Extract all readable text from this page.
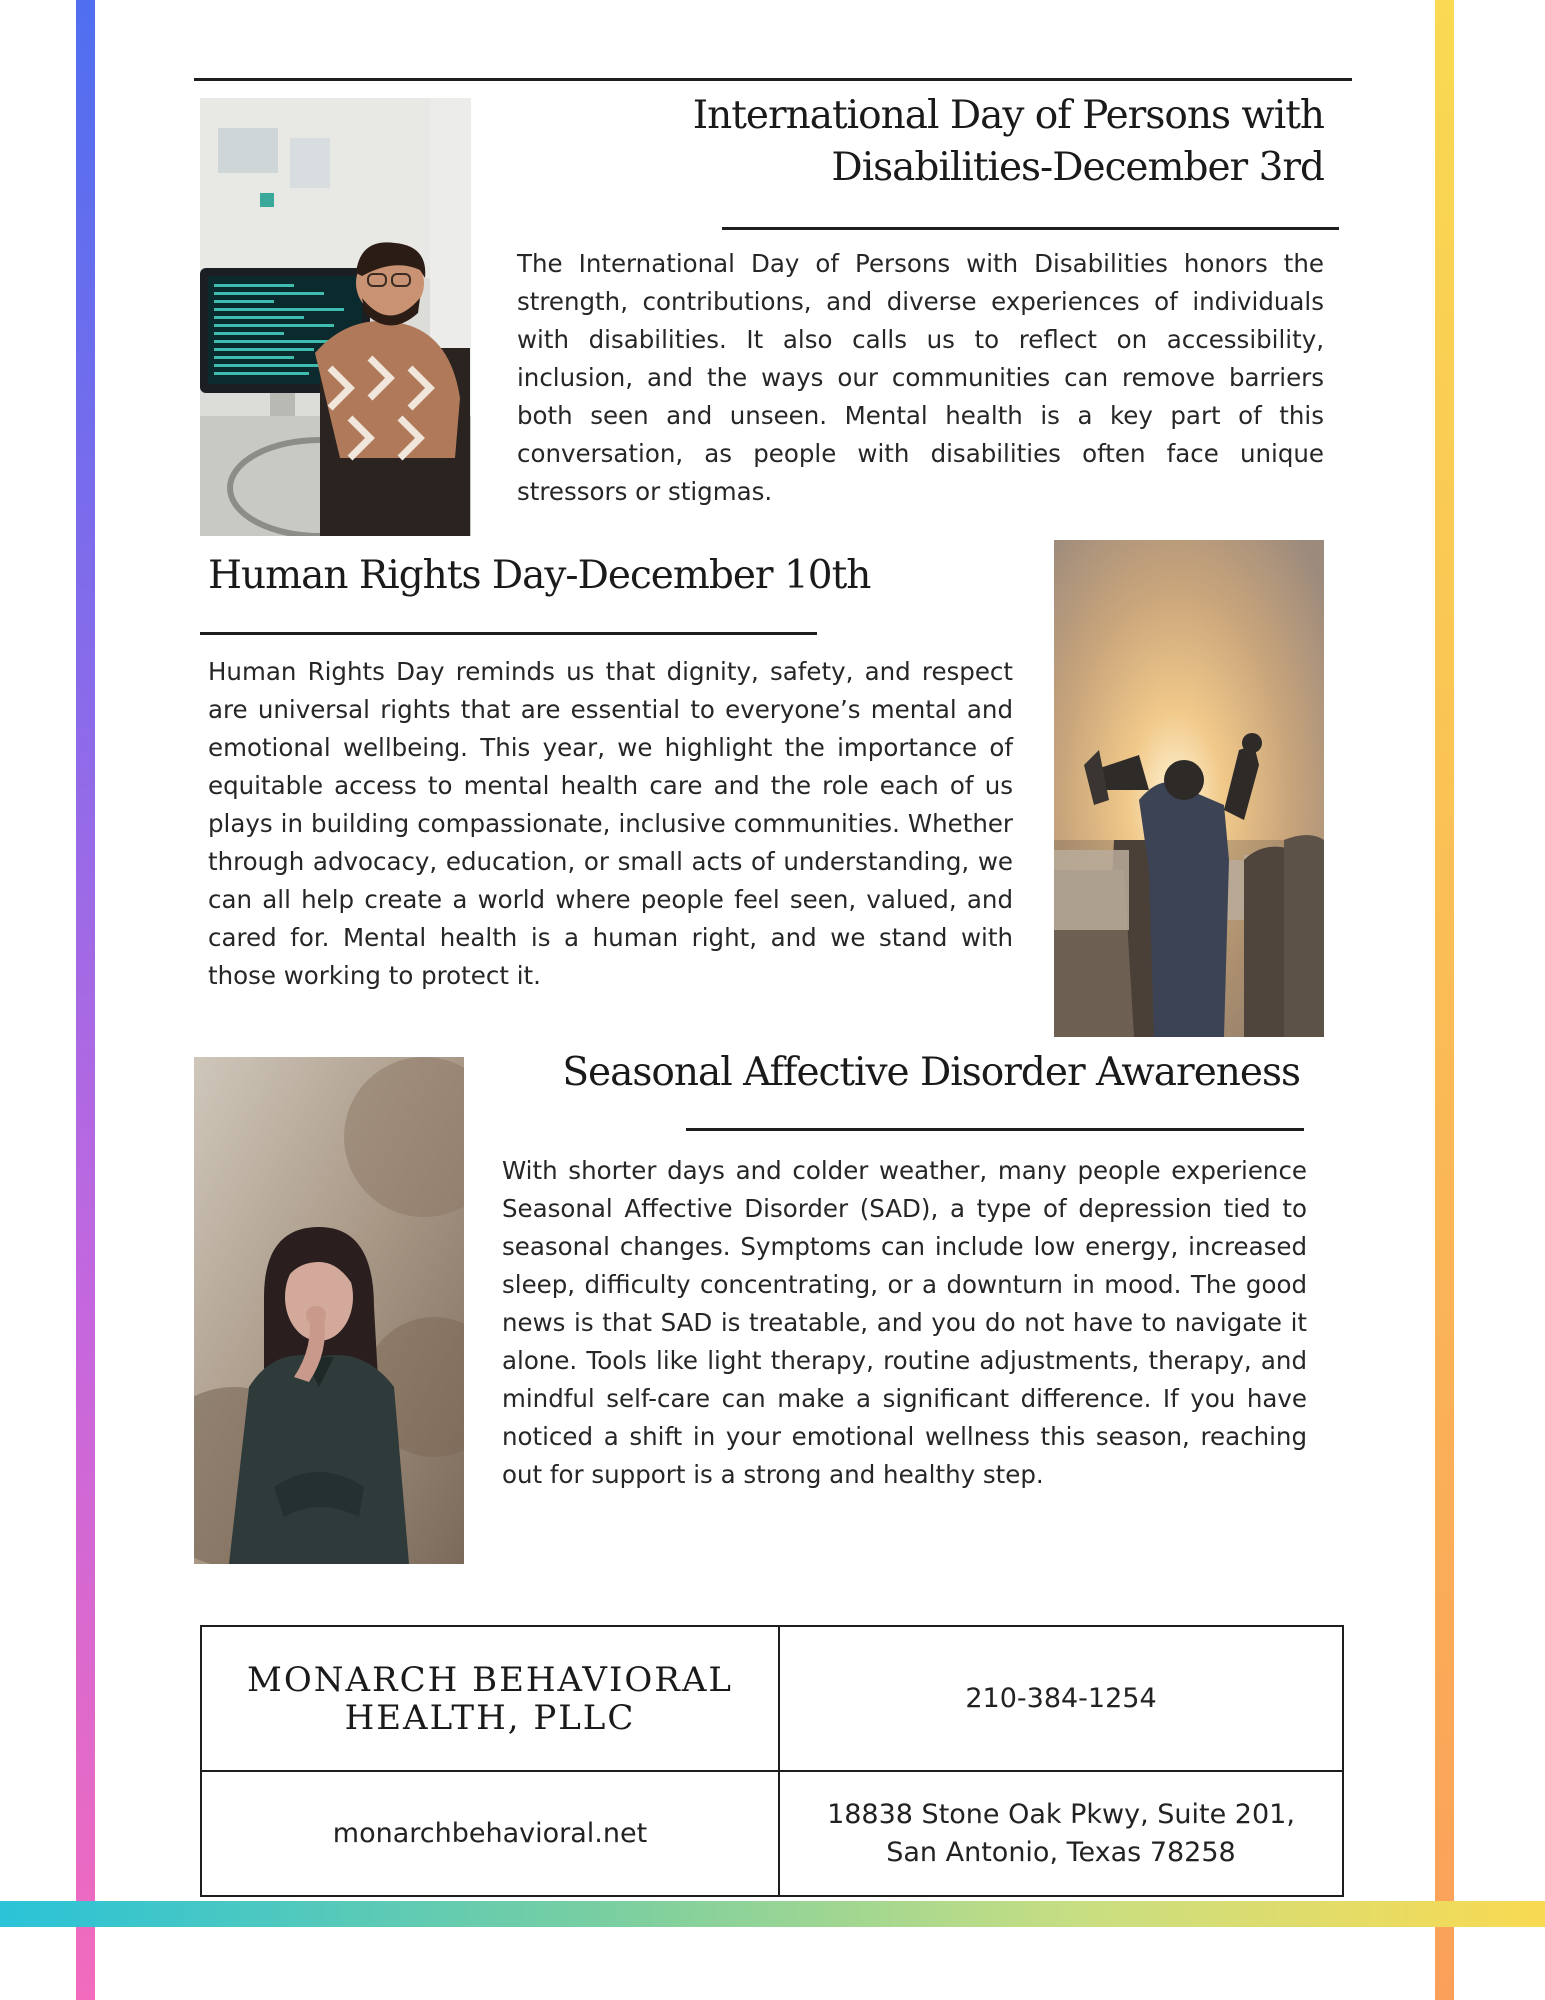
International Day of Persons with
Disabilities-December 3rd

The International Day of Persons with Disabilities honors the strength, contributions, and diverse experiences of individuals with disabilities. It also calls us to reflect on accessibility, inclusion, and the ways our communities can remove barriers both seen and unseen. Mental health is a key part of this conversation, as people with disabilities often face unique stressors or stigmas.

Human Rights Day-December 10th

Human Rights Day reminds us that dignity, safety, and respect are universal rights that are essential to everyone’s mental and emotional wellbeing. This year, we highlight the importance of equitable access to mental health care and the role each of us plays in building compassionate, inclusive communities. Whether through advocacy, education, or small acts of understanding, we can all help create a world where people feel seen, valued, and cared for. Mental health is a human right, and we stand with those working to protect it.

Seasonal Affective Disorder Awareness

With shorter days and colder weather, many people experience Seasonal Affective Disorder (SAD), a type of depression tied to seasonal changes. Symptoms can include low energy, increased sleep, difficulty concentrating, or a downturn in mood. The good news is that SAD is treatable, and you do not have to navigate it alone. Tools like light therapy, routine adjustments, therapy, and mindful self-care can make a significant difference. If you have noticed a shift in your emotional wellness this season, reaching out for support is a strong and healthy step.

MONARCH BEHAVIORAL
HEALTH, PLLC	210-384-1254
monarchbehavioral.net
18838 Stone Oak Pkwy, Suite 201,
San Antonio, Texas 78258
